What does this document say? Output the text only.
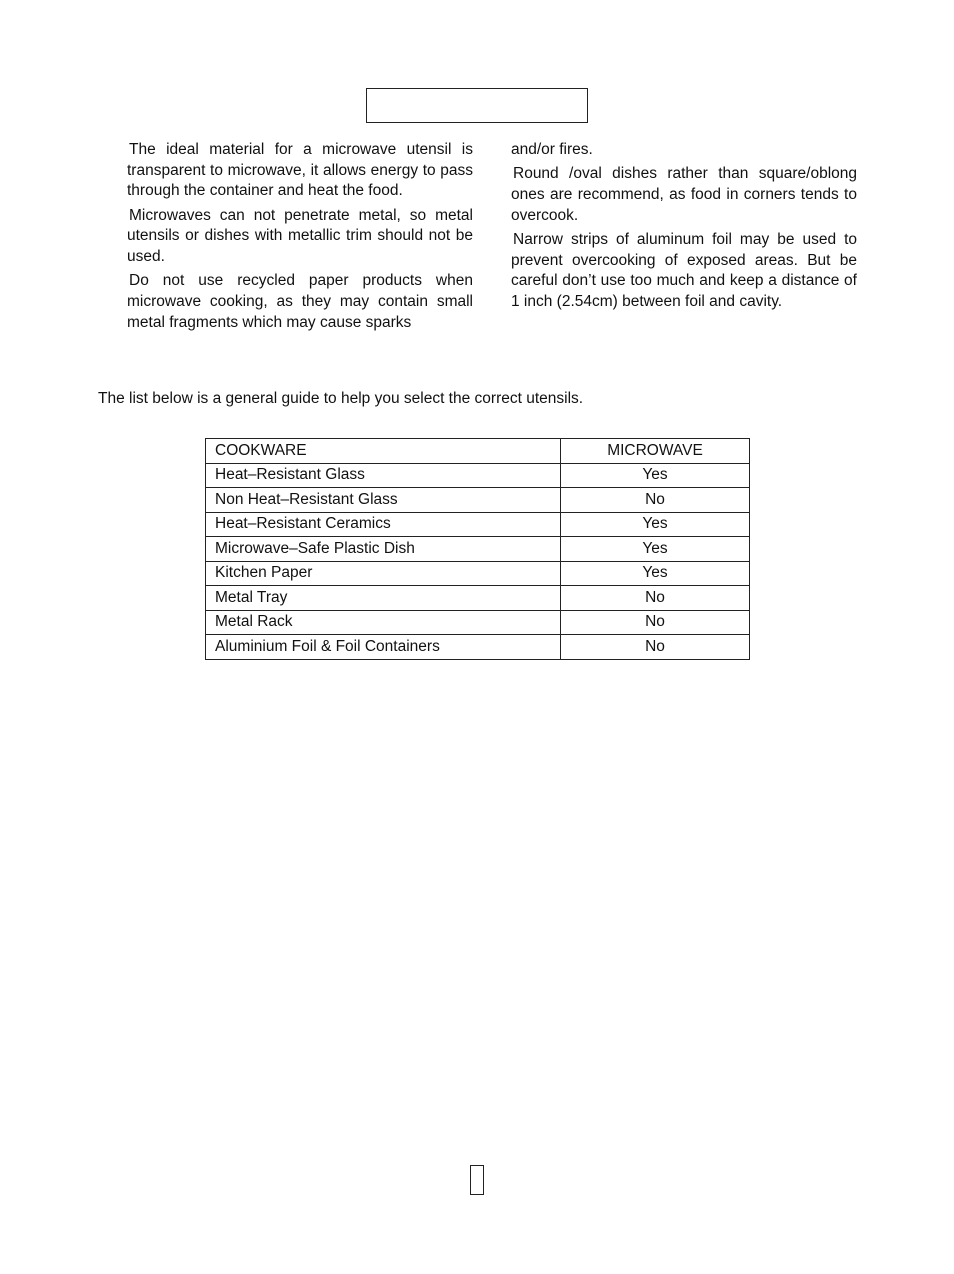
The ideal material for a microwave utensil is transparent to microwave, it allows energy to pass through the container and heat the food.

Microwaves can not penetrate metal, so metal utensils or dishes with metallic trim should not be used.

Do not use recycled paper products when microwave cooking, as they may contain small metal fragments which may cause sparks

and/or fires.

Round /oval dishes rather than square/oblong ones are recommend, as food in corners tends to overcook.

Narrow strips of aluminum foil may be used to prevent overcooking of exposed areas. But be careful don’t use too much and keep a distance of 1 inch (2.54cm) between foil and cavity.

The list below is a general guide to help you select the correct utensils.
COOKWARE	MICROWAVE
Heat–Resistant Glass	Yes
Non Heat–Resistant Glass	No
Heat–Resistant Ceramics	Yes
Microwave–Safe Plastic Dish	Yes
Kitchen Paper	Yes
Metal Tray	No
Metal Rack	No
Aluminium Foil & Foil Containers	No
